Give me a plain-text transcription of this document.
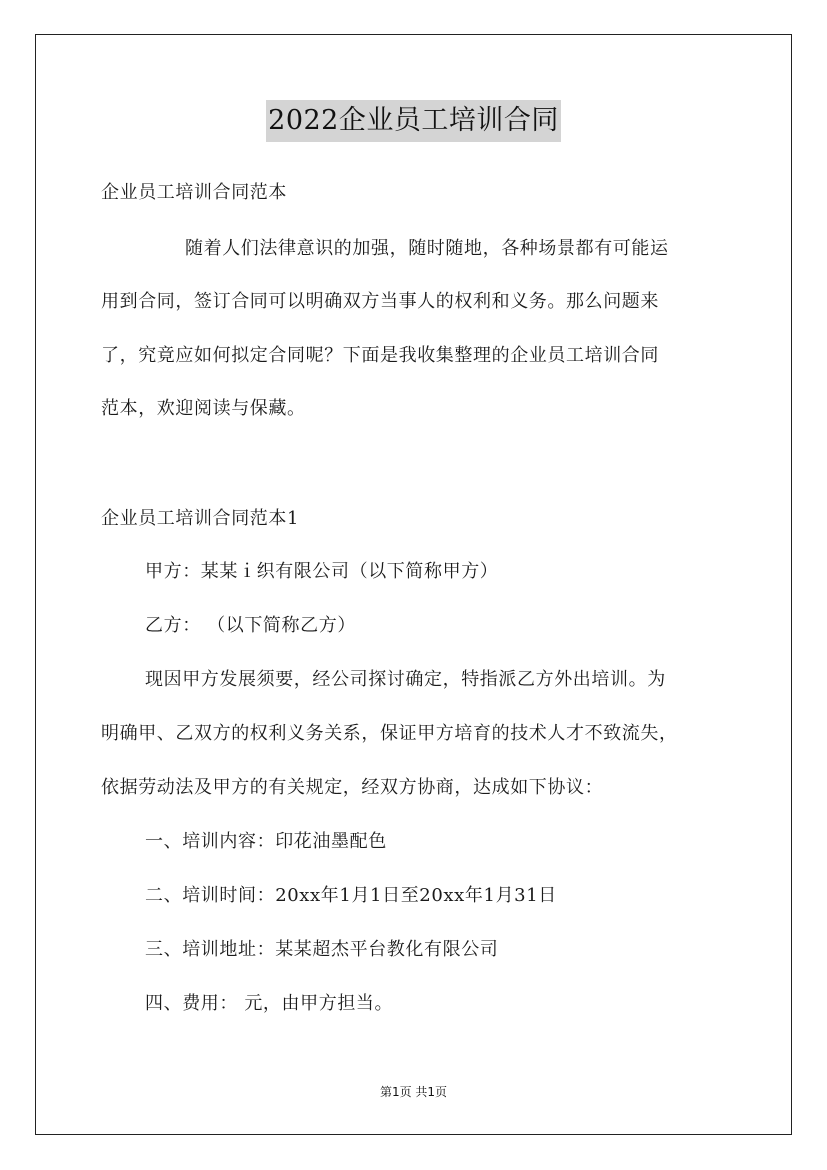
2022企业员工培训合同
企业员工培训合同范本
随着人们法律意识的加强，随时随地，各种场景都有可能运
用到合同，签订合同可以明确双方当事人的权利和义务。那么问题来
了，究竟应如何拟定合同呢？下面是我收集整理的企业员工培训合同
范本，欢迎阅读与保藏。
企业员工培训合同范本1
甲方：某某ｉ织有限公司（以下简称甲方）
乙方： （以下简称乙方）
现因甲方发展须要，经公司探讨确定，特指派乙方外出培训。为
明确甲、乙双方的权利义务关系，保证甲方培育的技术人才不致流失，
依据劳动法及甲方的有关规定，经双方协商，达成如下协议：
一、培训内容：印花油墨配色
二、培训时间：20xx年1月1日至20xx年1月31日
三、培训地址：某某超杰平台教化有限公司
四、费用： 元，由甲方担当。
第1页 共1页
